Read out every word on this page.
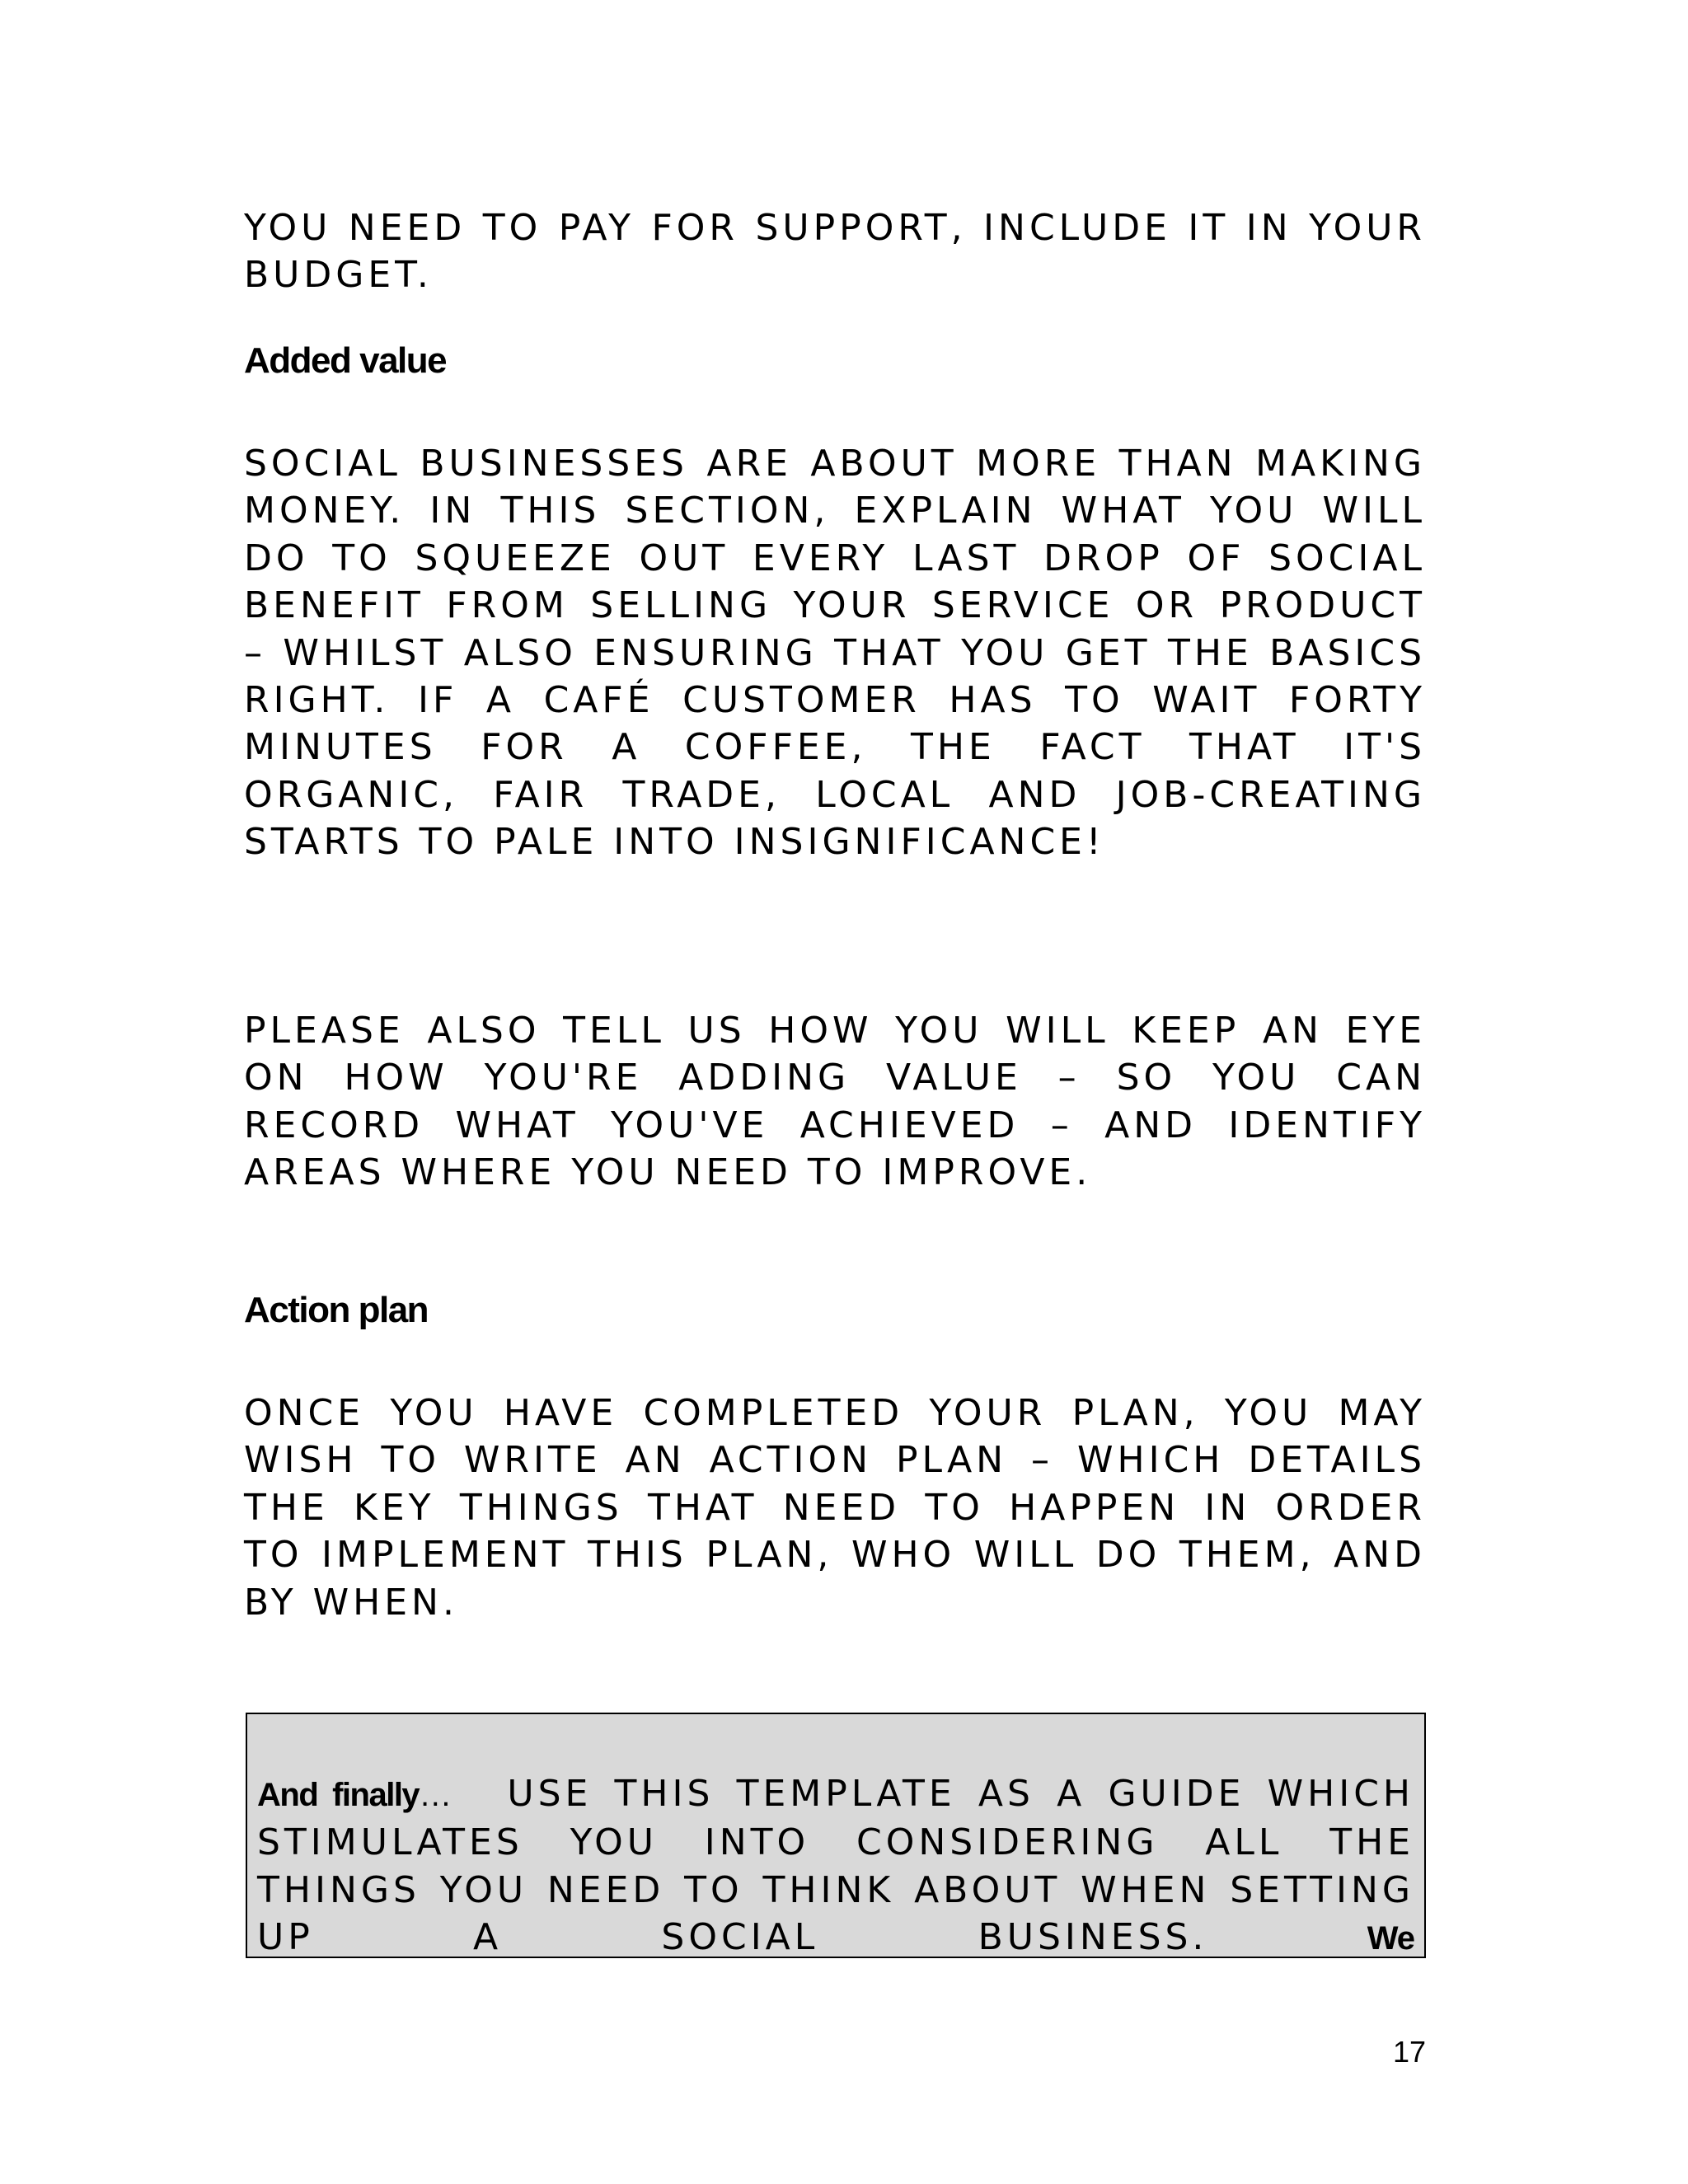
YOU NEED TO PAY FOR SUPPORT, INCLUDE IT IN YOUR BUDGET.

Added value

SOCIAL BUSINESSES ARE ABOUT MORE THAN MAKING MONEY. IN THIS SECTION, EXPLAIN WHAT YOU WILL DO TO SQUEEZE OUT EVERY LAST DROP OF SOCIAL BENEFIT FROM SELLING YOUR SERVICE OR PRODUCT – WHILST ALSO ENSURING THAT YOU GET THE BASICS RIGHT. IF A CAFÉ CUSTOMER HAS TO WAIT FORTY MINUTES FOR A COFFEE, THE FACT THAT IT'S ORGANIC, FAIR TRADE, LOCAL AND JOB-CREATING STARTS TO PALE INTO INSIGNIFICANCE!

PLEASE ALSO TELL US HOW YOU WILL KEEP AN EYE ON HOW YOU'RE ADDING VALUE – SO YOU CAN RECORD WHAT YOU'VE ACHIEVED – AND IDENTIFY AREAS WHERE YOU NEED TO IMPROVE.

Action plan

ONCE YOU HAVE COMPLETED YOUR PLAN, YOU MAY WISH TO WRITE AN ACTION PLAN – WHICH DETAILS THE KEY THINGS THAT NEED TO HAPPEN IN ORDER TO IMPLEMENT THIS PLAN, WHO WILL DO THEM, AND BY WHEN.

And finally… USE THIS TEMPLATE AS A GUIDE WHICH STIMULATES YOU INTO CONSIDERING ALL THE THINGS YOU NEED TO THINK ABOUT WHEN SETTING UP A SOCIAL BUSINESS.	We

17
